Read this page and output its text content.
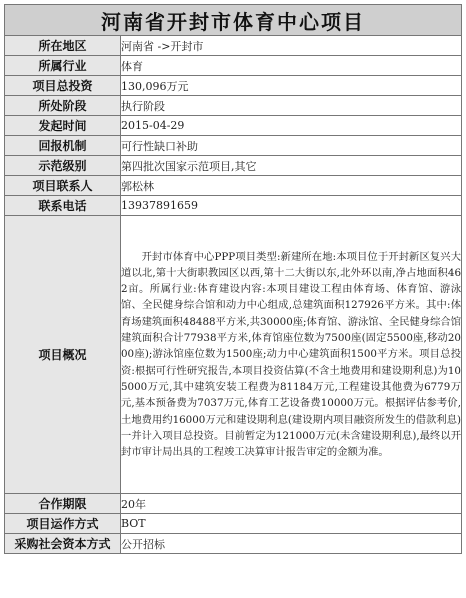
河南省开封市体育中心项目
所在地区	河南省 ->开封市
所属行业	体育
项目总投资	130,096万元
所处阶段	执行阶段
发起时间	2015-04-29
回报机制	可行性缺口补助
示范级别	第四批次国家示范项目,其它
项目联系人	郭松林
联系电话	13937891659
项目概况	开封市体育中心PPP项目类型:新建所在地:本项目位于开封新区复兴大道以北,第十大街职教园区以西,第十二大街以东,北外环以南,净占地面积462亩。所属行业:体育建设内容:本项目建设工程由体育场、体育馆、游泳馆、全民健身综合馆和动力中心组成,总建筑面积127926平方米。其中:体育场建筑面积48488平方米,共30000座;体育馆、游泳馆、全民健身综合馆建筑面积合计77938平方米,体育馆座位数为7500座(固定5500座,移动2000座);游泳馆座位数为1500座;动力中心建筑面积1500平方米。项目总投资:根据可行性研究报告,本项目投资估算(不含土地费用和建设期利息)为105000万元,其中建筑安装工程费为81184万元,工程建设其他费为6779万元,基本预备费为7037万元,体育工艺设备费10000万元。根据评估参考价,土地费用约16000万元和建设期利息(建设期内项目融资所发生的借款利息)一并计入项目总投资。目前暂定为121000万元(未含建设期利息),最终以开封市审计局出具的工程竣工决算审计报告审定的金额为准。

合作期限	20年
项目运作方式	BOT
采购社会资本方式	公开招标
